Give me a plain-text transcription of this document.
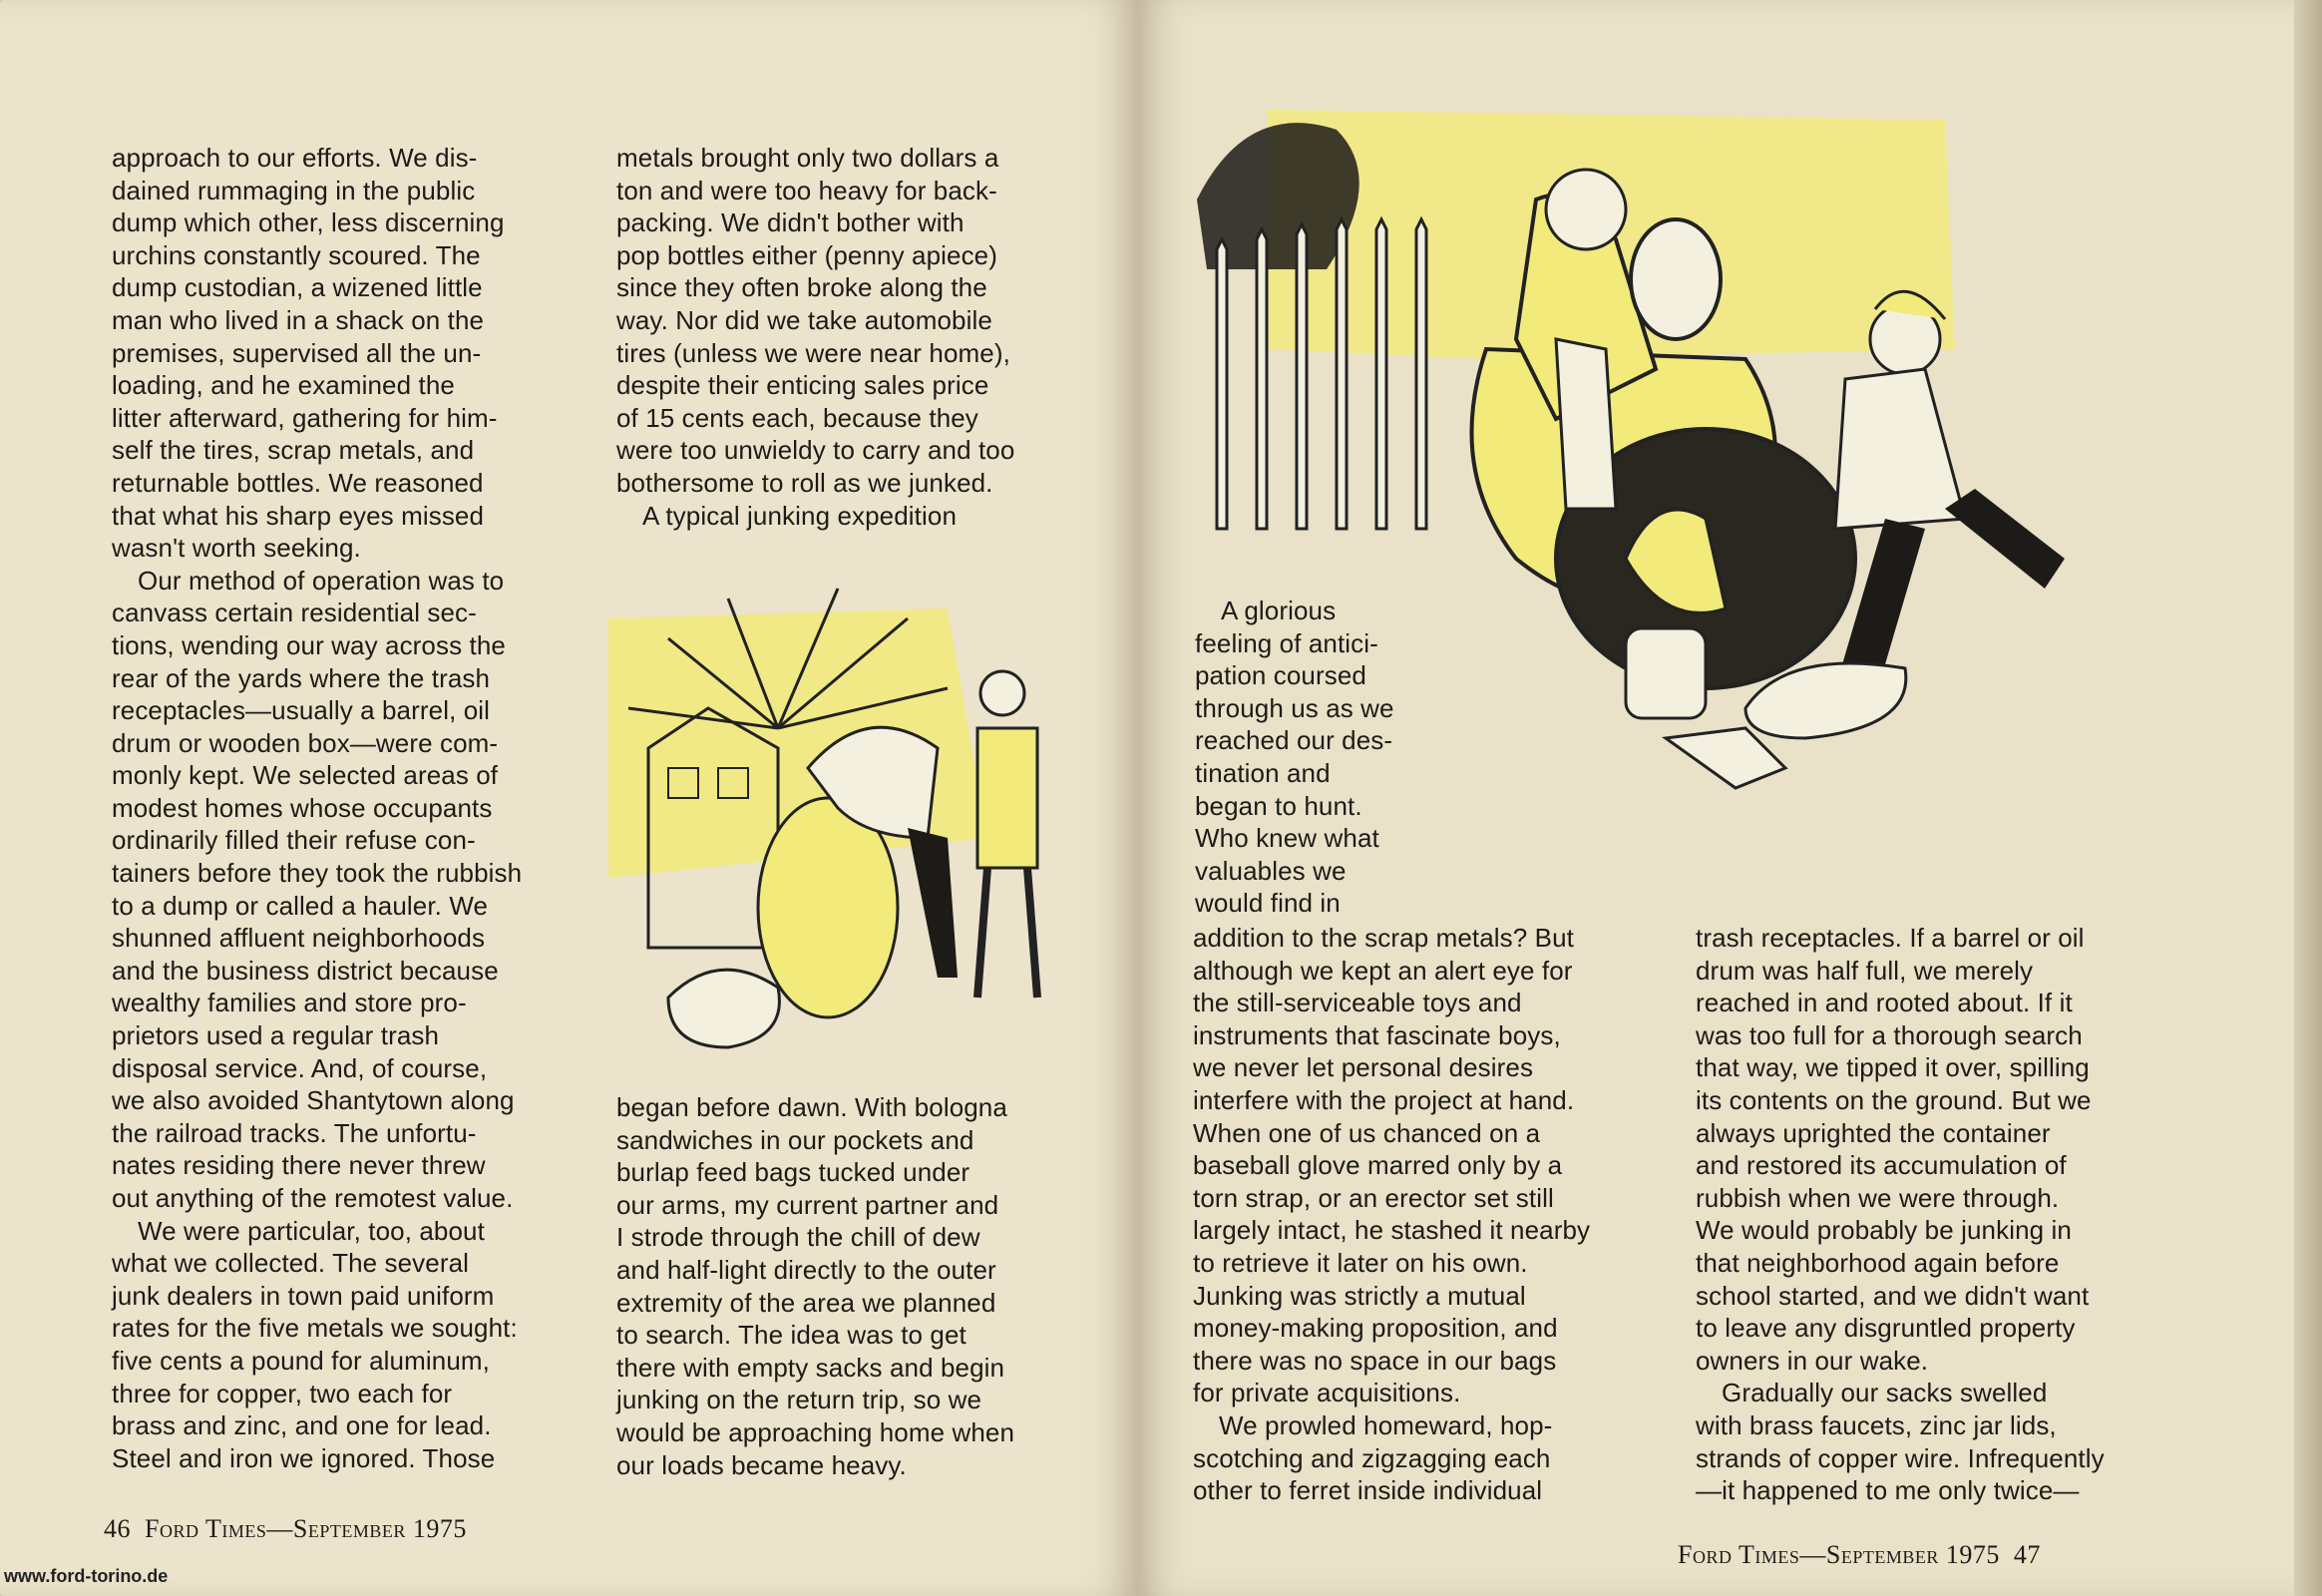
approach to our efforts. We dis-

dained rummaging in the public

dump which other, less discerning

urchins constantly scoured. The

dump custodian, a wizened little

man who lived in a shack on the

premises, supervised all the un-

loading, and he examined the

litter afterward, gathering for him-

self the tires, scrap metals, and

returnable bottles. We reasoned

that what his sharp eyes missed

wasn't worth seeking.

Our method of operation was to

canvass certain residential sec-

tions, wending our way across the

rear of the yards where the trash

receptacles—usually a barrel, oil

drum or wooden box—were com-

monly kept. We selected areas of

modest homes whose occupants

ordinarily filled their refuse con-

tainers before they took the rubbish

to a dump or called a hauler. We

shunned affluent neighborhoods

and the business district because

wealthy families and store pro-

prietors used a regular trash

disposal service. And, of course,

we also avoided Shantytown along

the railroad tracks. The unfortu-

nates residing there never threw

out anything of the remotest value.

We were particular, too, about

what we collected. The several

junk dealers in town paid uniform

rates for the five metals we sought:

five cents a pound for aluminum,

three for copper, two each for

brass and zinc, and one for lead.

Steel and iron we ignored. Those

metals brought only two dollars a

ton and were too heavy for back-

packing. We didn't bother with

pop bottles either (penny apiece)

since they often broke along the

way. Nor did we take automobile

tires (unless we were near home),

despite their enticing sales price

of 15 cents each, because they

were too unwieldy to carry and too

bothersome to roll as we junked.

A typical junking expedition

began before dawn. With bologna

sandwiches in our pockets and

burlap feed bags tucked under

our arms, my current partner and

I strode through the chill of dew

and half-light directly to the outer

extremity of the area we planned

to search. The idea was to get

there with empty sacks and begin

junking on the return trip, so we

would be approaching home when

our loads became heavy.

A glorious

feeling of antici-

pation coursed

through us as we

reached our des-

tination and

began to hunt.

Who knew what

valuables we

would find in

addition to the scrap metals? But

although we kept an alert eye for

the still-serviceable toys and

instruments that fascinate boys,

we never let personal desires

interfere with the project at hand.

When one of us chanced on a

baseball glove marred only by a

torn strap, or an erector set still

largely intact, he stashed it nearby

to retrieve it later on his own.

Junking was strictly a mutual

money-making proposition, and

there was no space in our bags

for private acquisitions.

We prowled homeward, hop-

scotching and zigzagging each

other to ferret inside individual

trash receptacles. If a barrel or oil

drum was half full, we merely

reached in and rooted about. If it

was too full for a thorough search

that way, we tipped it over, spilling

its contents on the ground. But we

always uprighted the container

and restored its accumulation of

rubbish when we were through.

We would probably be junking in

that neighborhood again before

school started, and we didn't want

to leave any disgruntled property

owners in our wake.

Gradually our sacks swelled

with brass faucets, zinc jar lids,

strands of copper wire. Infrequently

—it happened to me only twice—

46 Ford Times—September 1975
Ford Times—September 1975 47
www.ford-torino.de
